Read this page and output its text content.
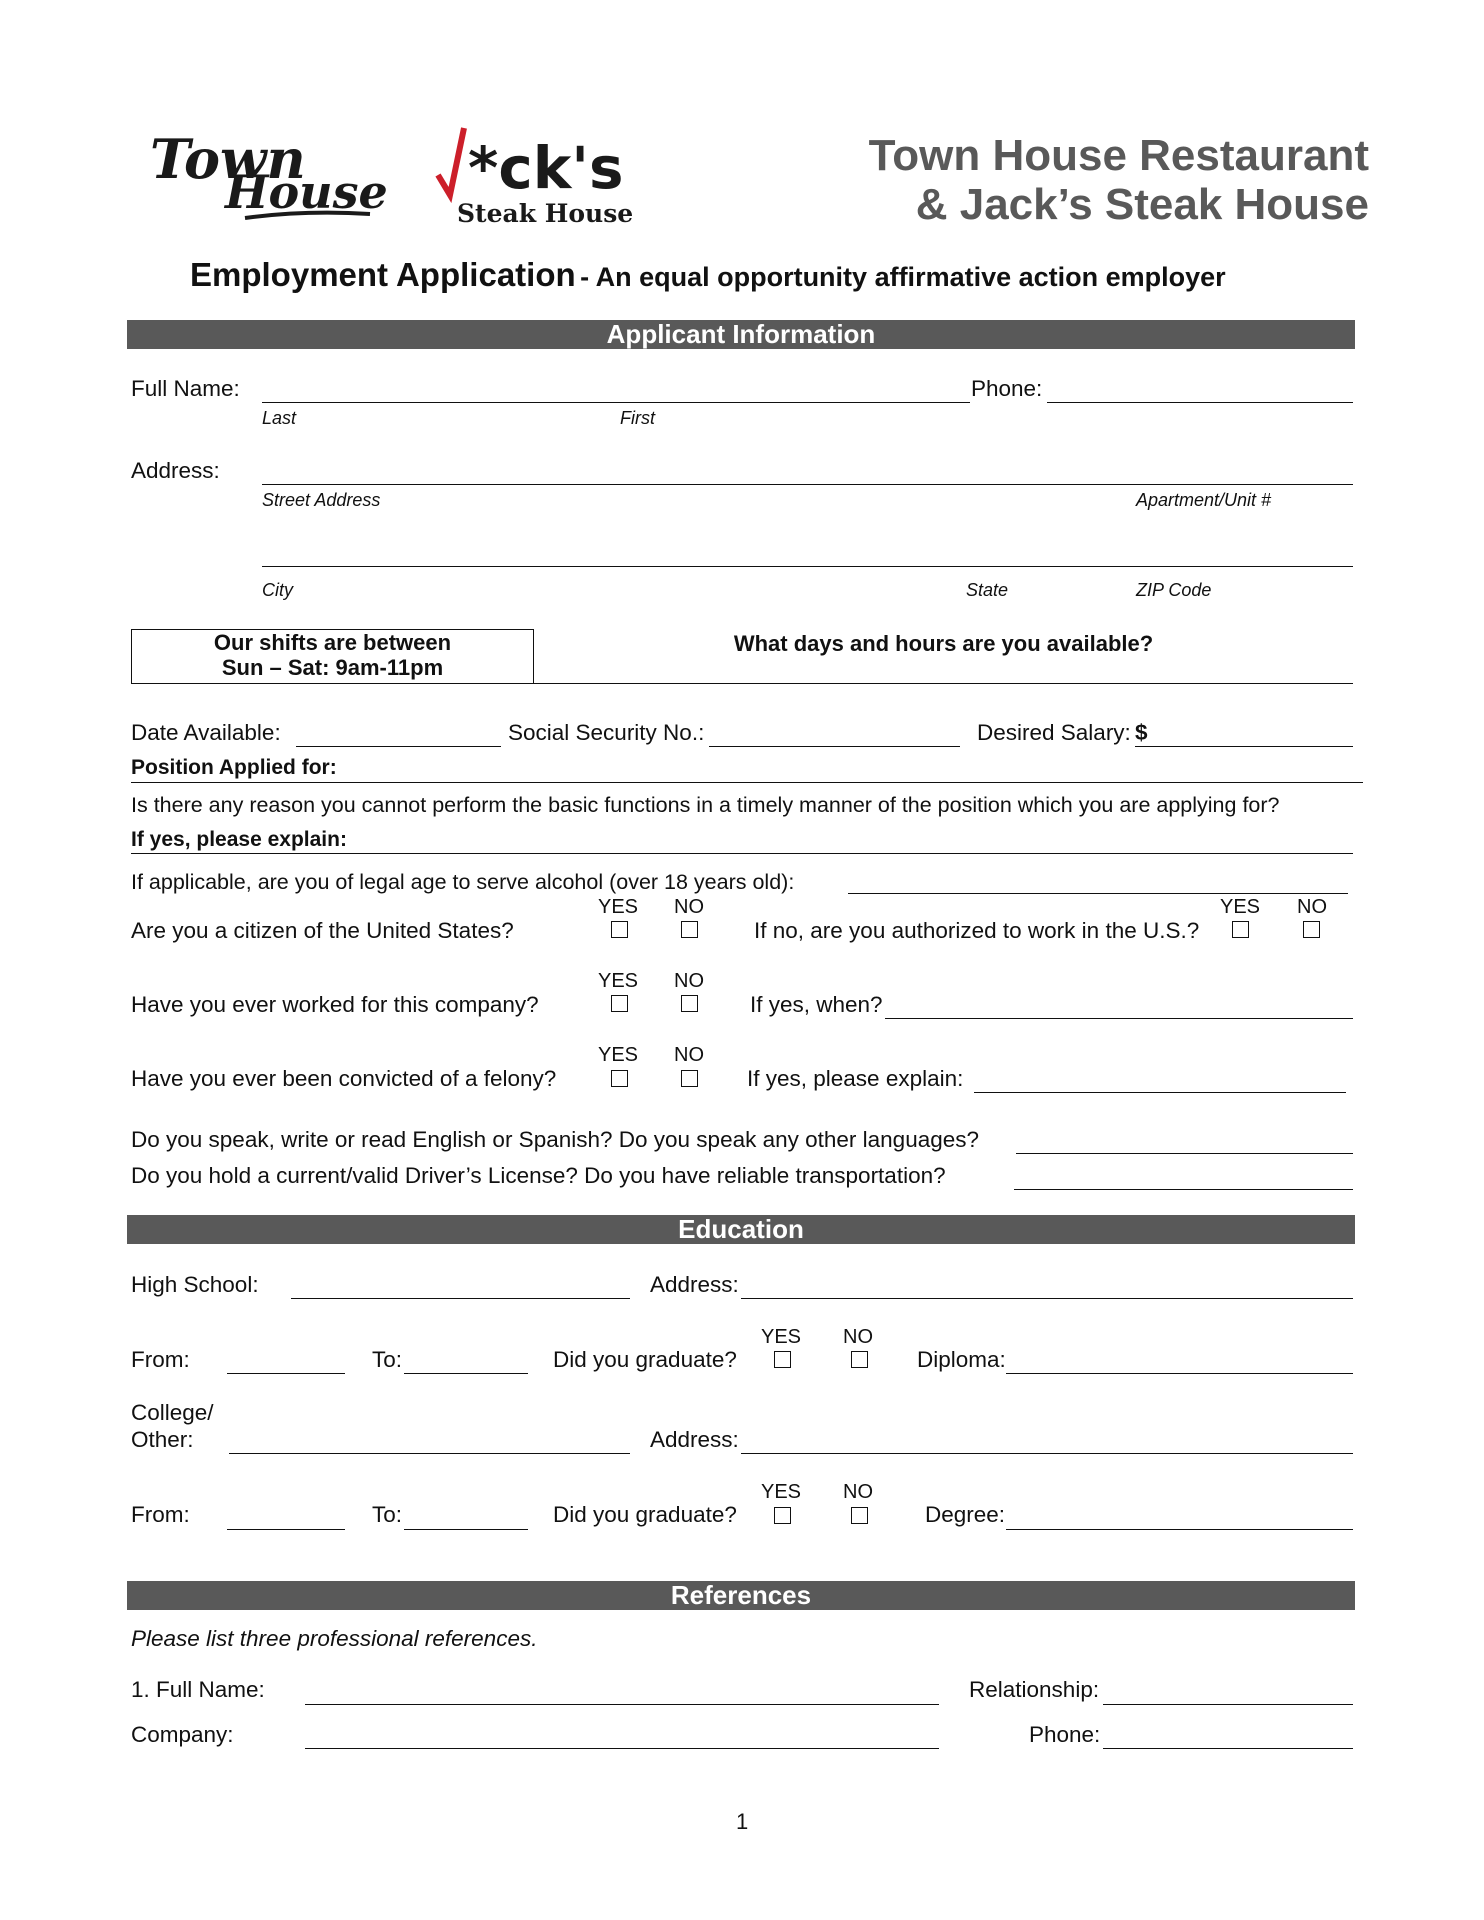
Town
House *ck's
Steak House
Town House Restaurant
& Jack’s Steak House
Employment Application - An equal opportunity affirmative action employer
Applicant Information
Full Name:	Phone:
Last	First
Address:
Street Address	Apartment/Unit #
City	State	ZIP Code
Our shifts are between
Sun – Sat: 9am-11pm
What days and hours are you available?
Date Available:	Social Security No.:	Desired Salary: $
Position Applied for:
Is there any reason you cannot perform the basic functions in a timely manner of the position which you are applying for?
If yes, please explain:
If applicable, are you of legal age to serve alcohol (over 18 years old):
YES NO
Are you a citizen of the United States?	If no, are you authorized to work in the U.S.?
YES NO
YES NO
Have you ever worked for this company?	If yes, when?
YES NO
Have you ever been convicted of a felony?	If yes, please explain:
Do you speak, write or read English or Spanish? Do you speak any other languages?
Do you hold a current/valid Driver’s License? Do you have reliable transportation?
Education
High School:	Address:
YES NO
From:	To:	Did you graduate?	Diploma:
College/
Other:	Address:
YES NO
From:	To:	Did you graduate?	Degree:
References
Please list three professional references.
1. Full Name:	Relationship:
Company:	Phone:
1
